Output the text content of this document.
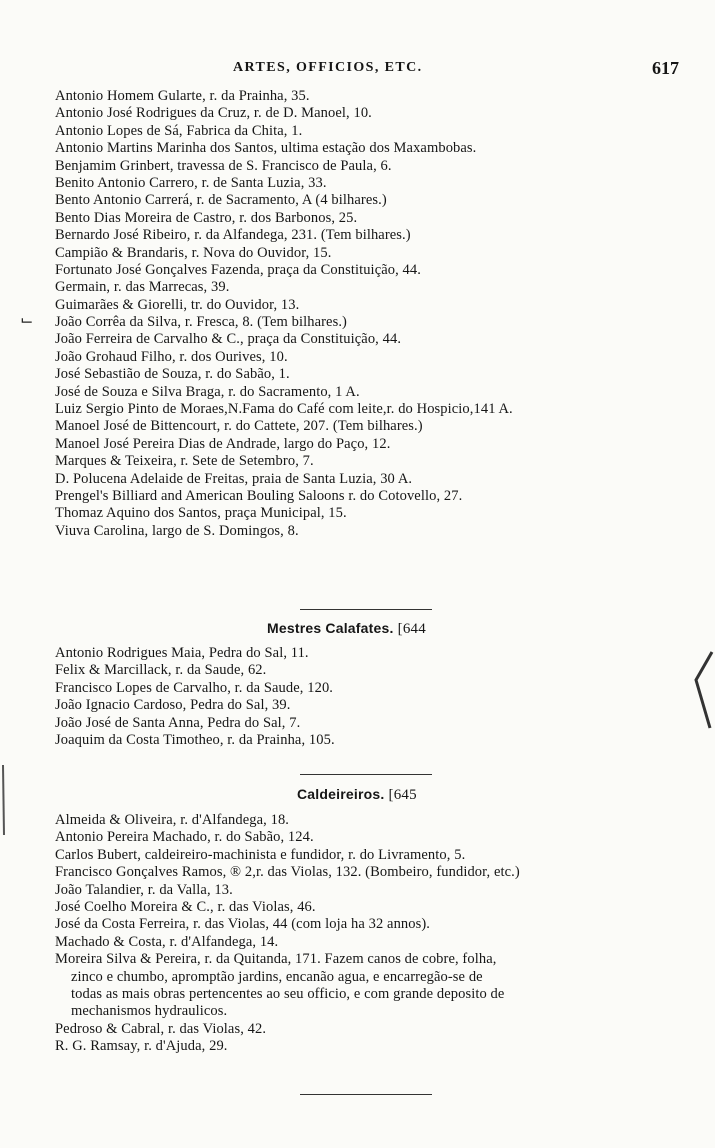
ARTES, OFFICIOS, ETC.	617
⌙
Antonio Homem Gularte, r. da Prainha, 35.
Antonio José Rodrigues da Cruz, r. de D. Manoel, 10.
Antonio Lopes de Sá, Fabrica da Chita, 1.
Antonio Martins Marinha dos Santos, ultima estação dos Maxambobas.
Benjamim Grinbert, travessa de S. Francisco de Paula, 6.
Benito Antonio Carrero, r. de Santa Luzia, 33.
Bento Antonio Carrerá, r. de Sacramento, A (4 bilhares.)
Bento Dias Moreira de Castro, r. dos Barbonos, 25.
Bernardo José Ribeiro, r. da Alfandega, 231. (Tem bilhares.)
Campião & Brandaris, r. Nova do Ouvidor, 15.
Fortunato José Gonçalves Fazenda, praça da Constituição, 44.
Germain, r. das Marrecas, 39.
Guimarães & Giorelli, tr. do Ouvidor, 13.
João Corrêa da Silva, r. Fresca, 8. (Tem bilhares.)
João Ferreira de Carvalho & C., praça da Constituição, 44.
João Grohaud Filho, r. dos Ourives, 10.
José Sebastião de Souza, r. do Sabão, 1.
José de Souza e Silva Braga, r. do Sacramento, 1 A.
Luiz Sergio Pinto de Moraes,N.Fama do Café com leite,r. do Hospicio,141 A.
Manoel José de Bittencourt, r. do Cattete, 207. (Tem bilhares.)
Manoel José Pereira Dias de Andrade, largo do Paço, 12.
Marques & Teixeira, r. Sete de Setembro, 7.
D. Polucena Adelaide de Freitas, praia de Santa Luzia, 30 A.
Prengel's Billiard and American Bouling Saloons r. do Cotovello, 27.
Thomaz Aquino dos Santos, praça Municipal, 15.
Viuva Carolina, largo de S. Domingos, 8.
Mestres Calafates. [644
Antonio Rodrigues Maia, Pedra do Sal, 11.
Felix & Marcillack, r. da Saude, 62.
Francisco Lopes de Carvalho, r. da Saude, 120.
João Ignacio Cardoso, Pedra do Sal, 39.
João José de Santa Anna, Pedra do Sal, 7.
Joaquim da Costa Timotheo, r. da Prainha, 105.
Caldeireiros. [645
Almeida & Oliveira, r. d'Alfandega, 18.
Antonio Pereira Machado, r. do Sabão, 124.
Carlos Bubert, caldeireiro-machinista e fundidor, r. do Livramento, 5.
Francisco Gonçalves Ramos, ® 2,r. das Violas, 132. (Bombeiro, fundidor, etc.)
João Talandier, r. da Valla, 13.
José Coelho Moreira & C., r. das Violas, 46.
José da Costa Ferreira, r. das Violas, 44 (com loja ha 32 annos).
Machado & Costa, r. d'Alfandega, 14.
Moreira Silva & Pereira, r. da Quitanda, 171. Fazem canos de cobre, folha,
zinco e chumbo, apromptão jardins, encanão agua, e encarregão-se de
todas as mais obras pertencentes ao seu officio, e com grande deposito de
mechanismos hydraulicos.
Pedroso & Cabral, r. das Violas, 42.
R. G. Ramsay, r. d'Ajuda, 29.
